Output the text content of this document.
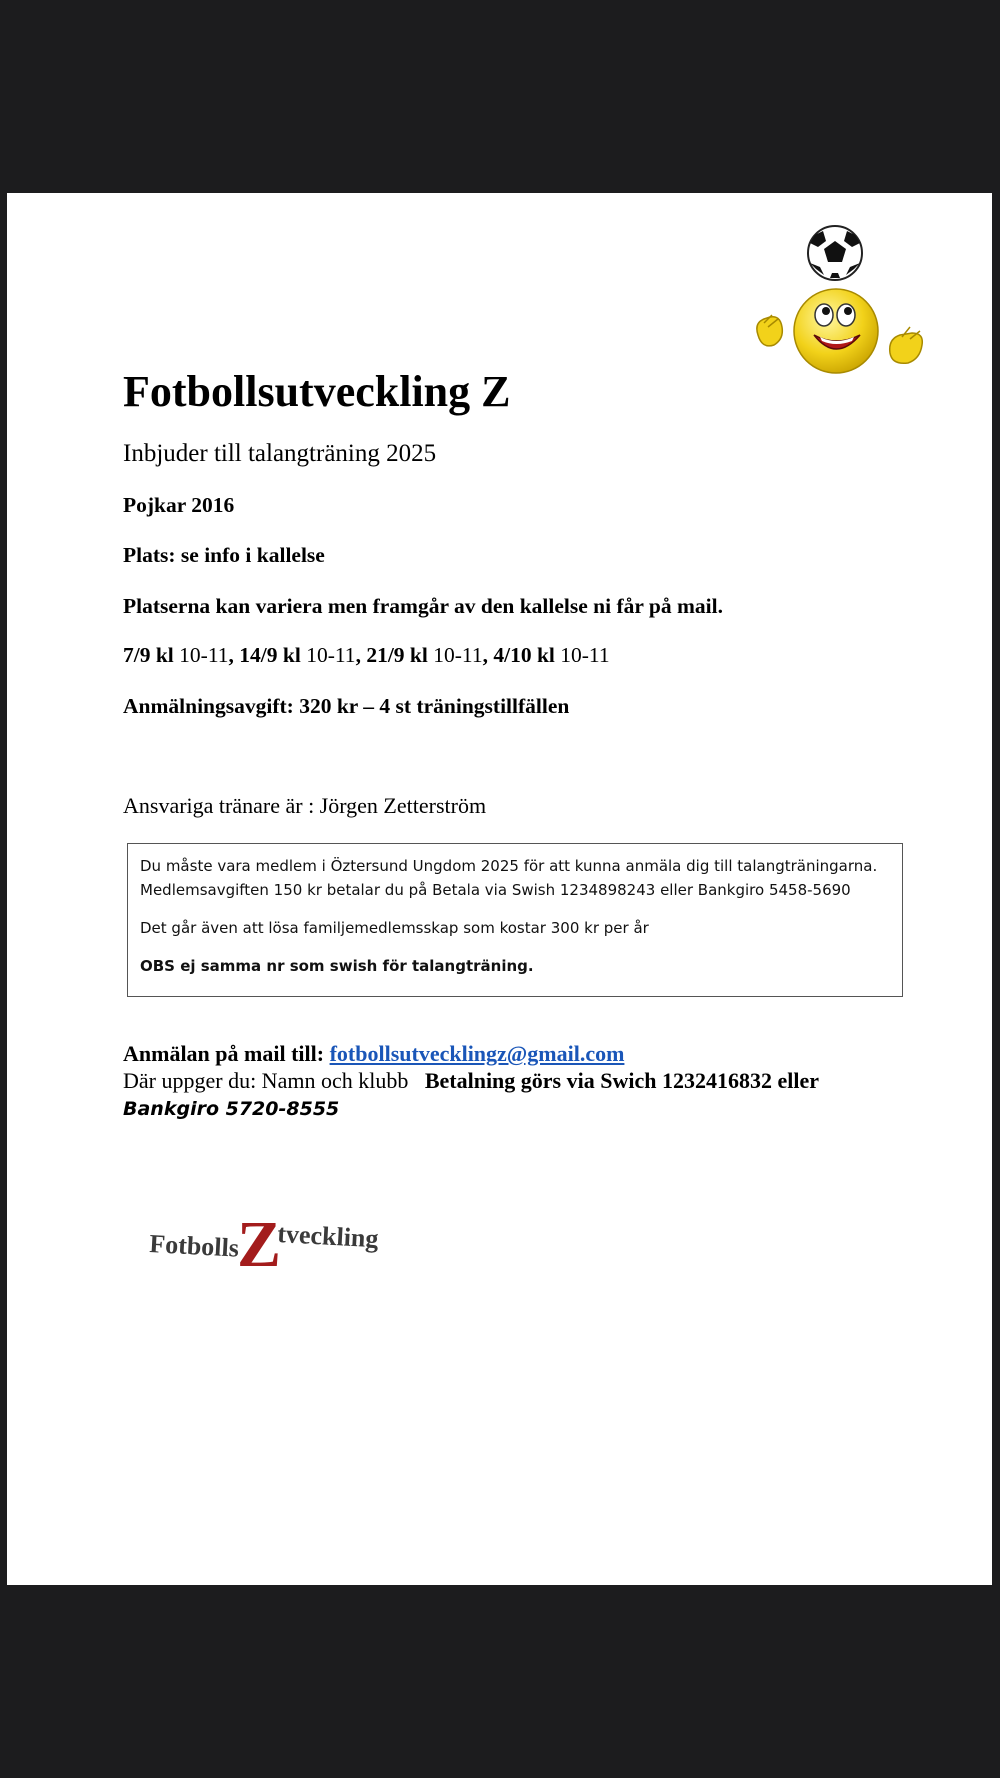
Fotbollsutveckling Z
Inbjuder till talangträning 2025
Pojkar 2016
Plats: se info i kallelse
Platserna kan variera men framgår av den kallelse ni får på mail.
7/9 kl 10-11, 14/9 kl 10-11, 21/9 kl 10-11, 4/10 kl 10-11
Anmälningsavgift: 320 kr – 4 st träningstillfällen
Ansvariga tränare är : Jörgen Zetterström

Du måste vara medlem i Öztersund Ungdom 2025 för att kunna anmäla dig till talangträningarna.

Medlemsavgiften 150 kr betalar du på Betala via Swish 1234898243 eller Bankgiro 5458-5690

Det går även att lösa familjemedlemsskap som kostar 300 kr per år

OBS ej samma nr som swish för talangträning.

Anmälan på mail till: fotbollsutvecklingz@gmail.com
Där uppger du: Namn och klubb Betalning görs via Swich 1232416832 eller
Bankgiro 5720-8555
Fotbolls
Z
tveckling
